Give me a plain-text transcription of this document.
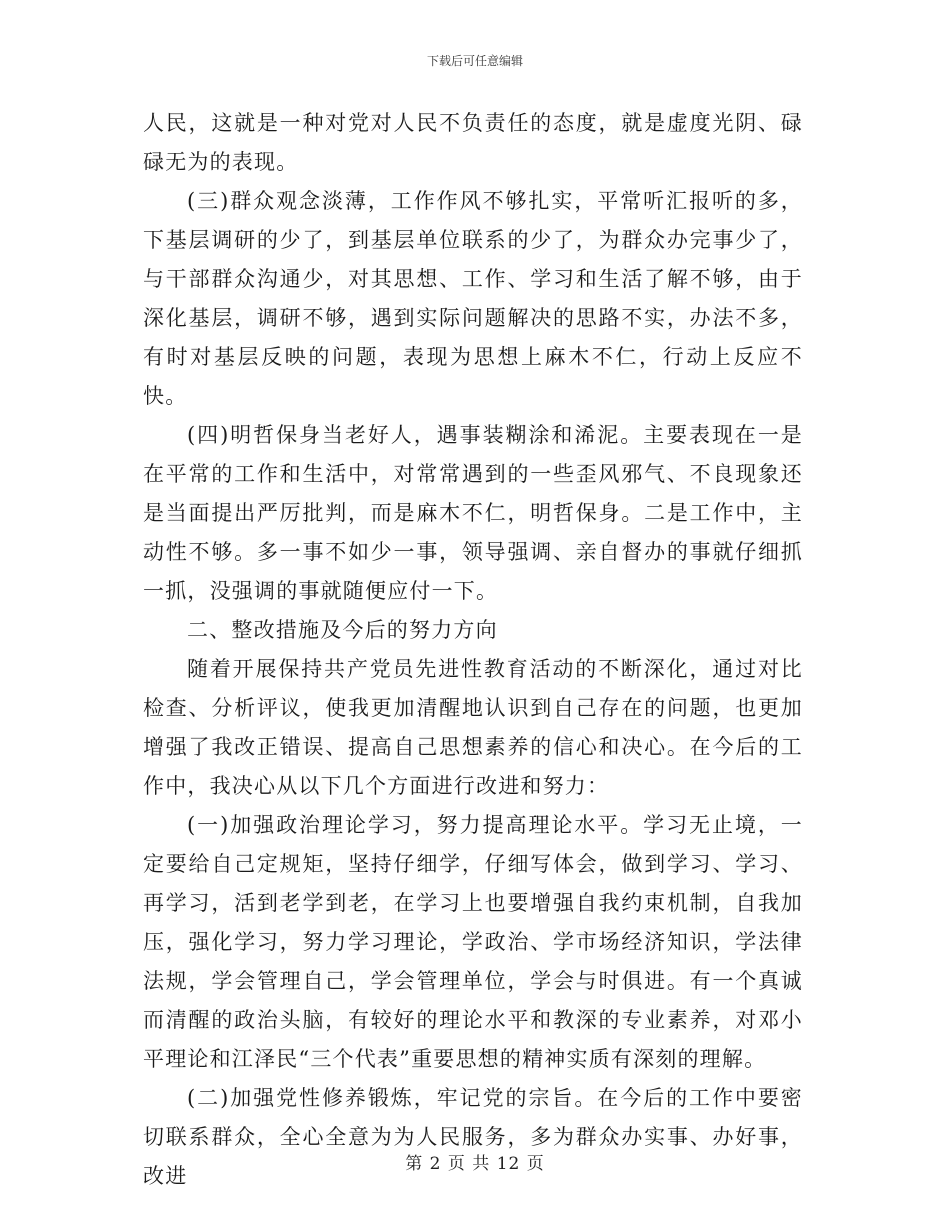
下载后可任意编辑

人民，这就是一种对党对人民不负责任的态度，就是虚度光阴、碌碌无为的表现。

(三)群众观念淡薄，工作作风不够扎实，平常听汇报听的多，下基层调研的少了，到基层单位联系的少了，为群众办完事少了，与干部群众沟通少，对其思想、工作、学习和生活了解不够，由于深化基层，调研不够，遇到实际问题解决的思路不实，办法不多，有时对基层反映的问题，表现为思想上麻木不仁，行动上反应不快。

(四)明哲保身当老好人，遇事装糊涂和浠泥。主要表现在一是在平常的工作和生活中，对常常遇到的一些歪风邪气、不良现象还是当面提出严厉批判，而是麻木不仁，明哲保身。二是工作中，主动性不够。多一事不如少一事，领导强调、亲自督办的事就仔细抓一抓，没强调的事就随便应付一下。

二、整改措施及今后的努力方向

随着开展保持共产党员先进性教育活动的不断深化，通过对比检查、分析评议，使我更加清醒地认识到自己存在的问题，也更加增强了我改正错误、提高自己思想素养的信心和决心。在今后的工作中，我决心从以下几个方面进行改进和努力：

(一)加强政治理论学习，努力提高理论水平。学习无止境，一定要给自己定规矩，坚持仔细学，仔细写体会，做到学习、学习、再学习，活到老学到老，在学习上也要增强自我约束机制，自我加压，强化学习，努力学习理论，学政治、学市场经济知识，学法律法规，学会管理自己，学会管理单位，学会与时俱进。有一个真诚而清醒的政治头脑，有较好的理论水平和教深的专业素养，对邓小平理论和江泽民“三个代表”重要思想的精神实质有深刻的理解。

(二)加强党性修养锻炼，牢记党的宗旨。在今后的工作中要密切联系群众，全心全意为为人民服务，多为群众办实事、办好事，改进	第 2 页 共 12 页
